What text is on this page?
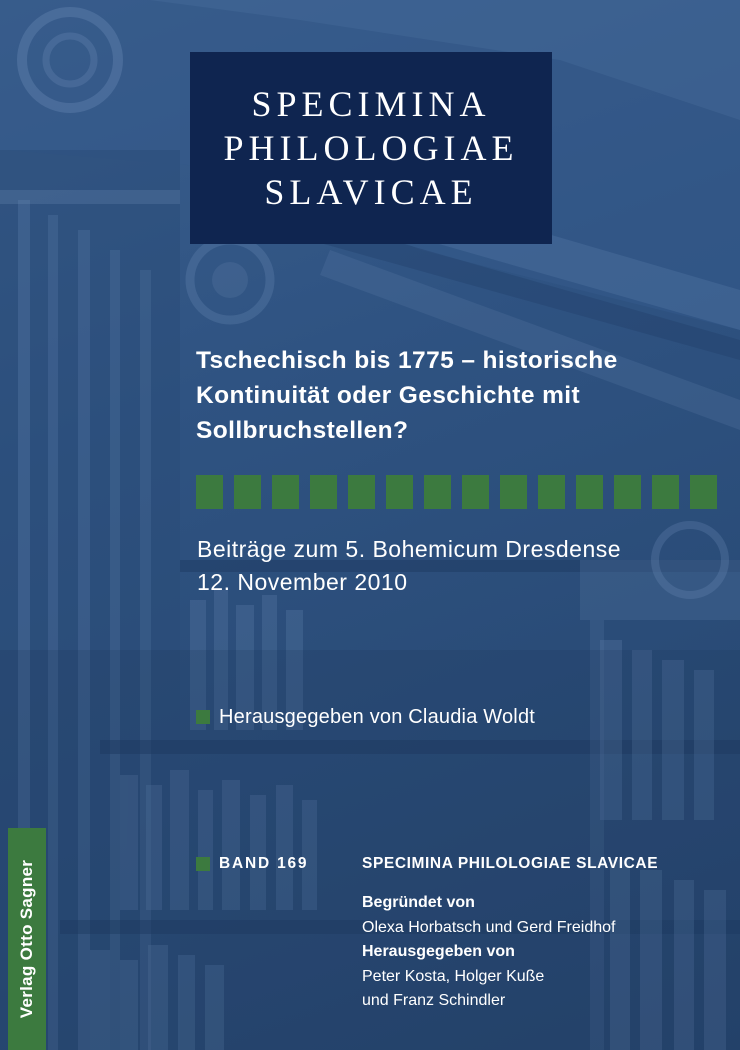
SPECIMINA
PHILOLOGIAE
SLAVICAE
Tschechisch bis 1775 – historische
Kontinuität oder Geschichte mit
Sollbruchstellen?
Beiträge zum 5. Bohemicum Dresdense
12. November 2010
Herausgegeben von Claudia Woldt
BAND 169	SPECIMINA PHILOLOGIAE SLAVICAE
Begründet von
Olexa Horbatsch und Gerd Freidhof
Herausgegeben von
Peter Kosta, Holger Kuße
und Franz Schindler
Verlag Otto Sagner
